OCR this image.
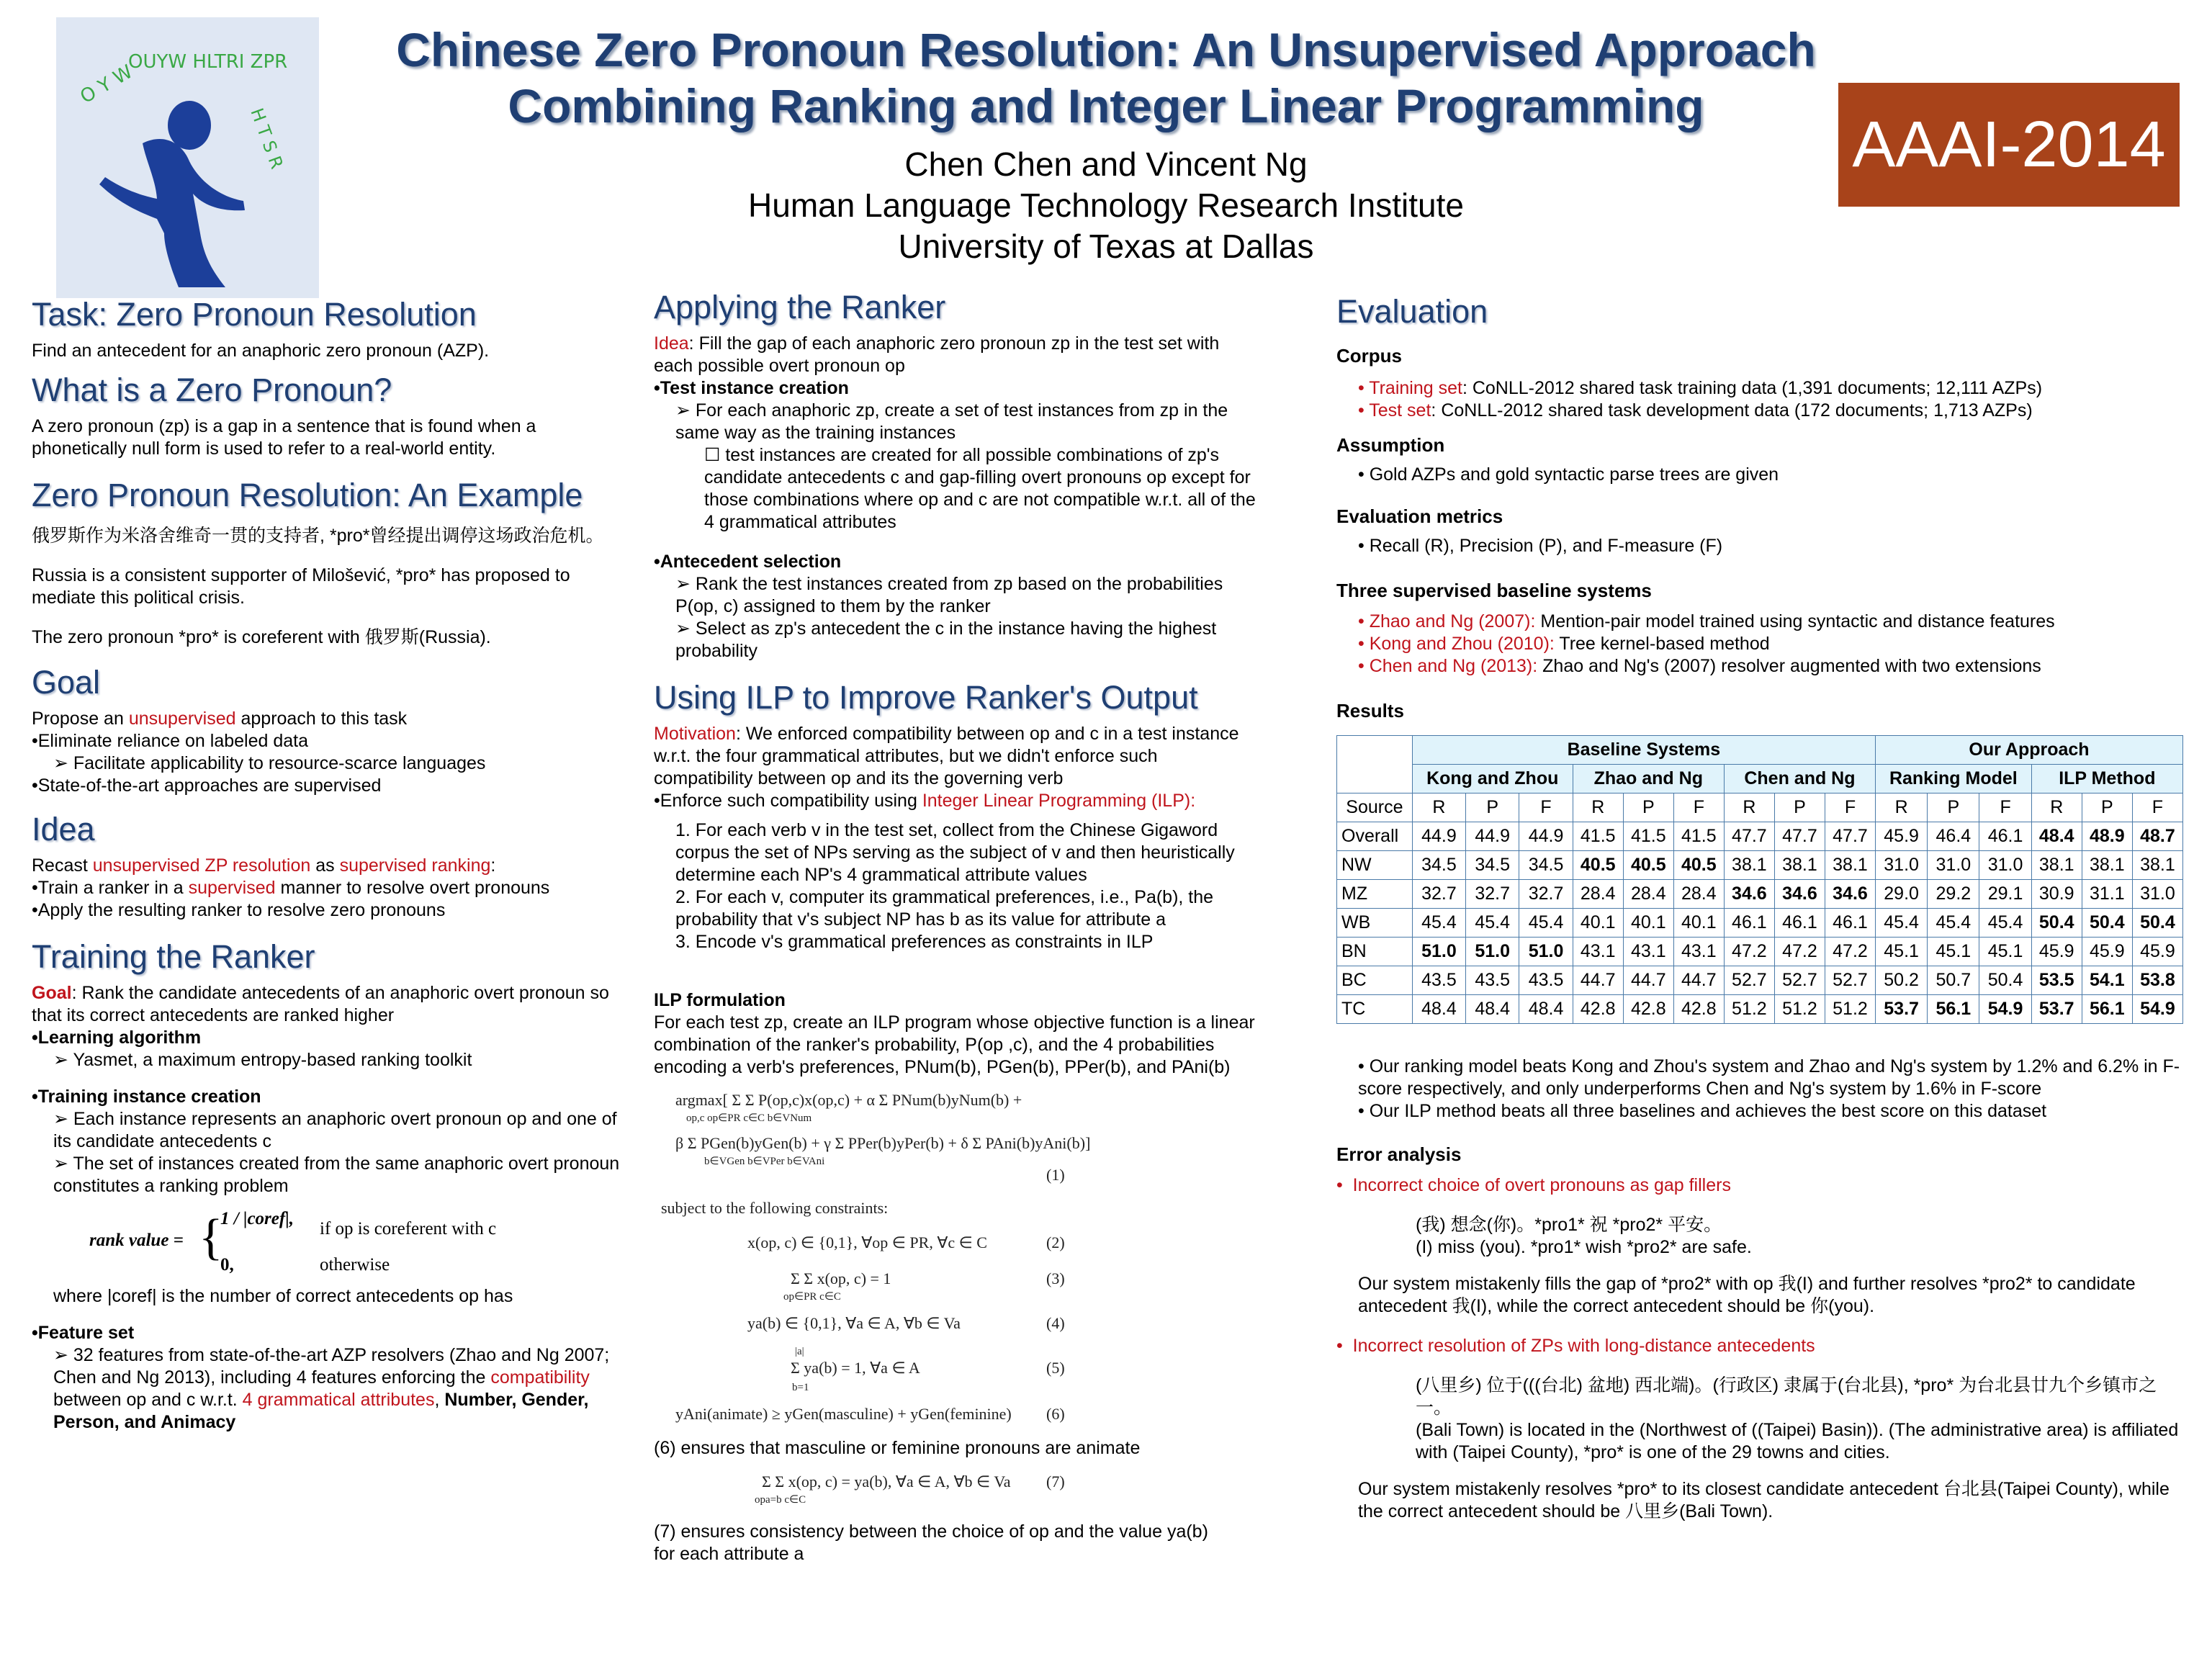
O Y W
OUYW HLTRI ZPR
H T S R
Chinese Zero Pronoun Resolution: An Unsupervised Approach
Combining Ranking and Integer Linear Programming
Chen Chen and Vincent Ng
Human Language Technology Research Institute
University of Texas at Dallas
AAAI-2014
Task: Zero Pronoun Resolution

Find an antecedent for an anaphoric zero pronoun (AZP).

What is a Zero Pronoun?

A zero pronoun (zp) is a gap in a sentence that is found when a phonetically null form is used to refer to a real-world entity.

Zero Pronoun Resolution: An Example

俄罗斯作为米洛舍维奇一贯的支持者, *pro*曾经提出调停这场政治危机。

Russia is a consistent supporter of Milošević, *pro* has proposed to mediate this political crisis.

The zero pronoun *pro* is coreferent with 俄罗斯(Russia).

Goal

Propose an unsupervised approach to this task

•Eliminate reliance on labeled data

➢ Facilitate applicability to resource-scarce languages

•State-of-the-art approaches are supervised

Idea

Recast unsupervised ZP resolution as supervised ranking:

•Train a ranker in a supervised manner to resolve overt pronouns

•Apply the resulting ranker to resolve zero pronouns

Training the Ranker

Goal: Rank the candidate antecedents of an anaphoric overt pronoun so that its correct antecedents are ranked higher

•Learning algorithm

➢ Yasmet, a maximum entropy-based ranking toolkit

•Training instance creation

➢ Each instance represents an anaphoric overt pronoun op and one of its candidate antecedents c

➢ The set of instances created from the same anaphoric overt pronoun constitutes a ranking problem

rank value = {
1 / |coref|,
if op is coreferent with c
0,	otherwise

where |coref| is the number of correct antecedents op has

•Feature set

➢ 32 features from state-of-the-art AZP resolvers (Zhao and Ng 2007; Chen and Ng 2013), including 4 features enforcing the compatibility between op and c w.r.t. 4 grammatical attributes, Number, Gender, Person, and Animacy

Applying the Ranker

Idea: Fill the gap of each anaphoric zero pronoun zp in the test set with each possible overt pronoun op

•Test instance creation

➢ For each anaphoric zp, create a set of test instances from zp in the same way as the training instances

☐ test instances are created for all possible combinations of zp's candidate antecedents c and gap-filling overt pronouns op except for those combinations where op and c are not compatible w.r.t. all of the 4 grammatical attributes

•Antecedent selection

➢ Rank the test instances created from zp based on the probabilities P(op, c) assigned to them by the ranker

➢ Select as zp's antecedent the c in the instance having the highest probability

Using ILP to Improve Ranker's Output

Motivation: We enforced compatibility between op and c in a test instance w.r.t. the four grammatical attributes, but we didn't enforce such compatibility between op and its the governing verb

•Enforce such compatibility using Integer Linear Programming (ILP):

1. For each verb v in the test set, collect from the Chinese Gigaword corpus the set of NPs serving as the subject of v and then heuristically determine each NP's 4 grammatical attribute values

2. For each v, computer its grammatical preferences, i.e., Pa(b), the probability that v's subject NP has b as its value for attribute a

3. Encode v's grammatical preferences as constraints in ILP

ILP formulation

For each test zp, create an ILP program whose objective function is a linear combination of the ranker's probability, P(op ,c), and the 4 probabilities encoding a verb's preferences, PNum(b), PGen(b), PPer(b), and PAni(b)

argmax[ Σ Σ P(op,c)x(op,c) + α Σ PNum(b)yNum(b) +
op,c op∈PR c∈C b∈VNum
β Σ PGen(b)yGen(b) + γ Σ PPer(b)yPer(b) + δ Σ PAni(b)yAni(b)]
b∈VGen b∈VPer b∈VAni
(1)
subject to the following constraints:
x(op, c) ∈ {0,1}, ∀op ∈ PR, ∀c ∈ C	(2)
Σ Σ x(op, c) = 1
op∈PR c∈C
(3)
ya(b) ∈ {0,1}, ∀a ∈ A, ∀b ∈ Va	(4)
|a|
Σ ya(b) = 1, ∀a ∈ A
b=1
(5)
yAni(animate) ≥ yGen(masculine) + yGen(feminine) (6)
(6) ensures that masculine or feminine pronouns are animate
Σ Σ x(op, c) = ya(b), ∀a ∈ A, ∀b ∈ Va
opa=b c∈C
(7)
(7) ensures consistency between the choice of op and the value ya(b) for each attribute a
Evaluation

Corpus

• Training set: CoNLL-2012 shared task training data (1,391 documents; 12,111 AZPs)

• Test set: CoNLL-2012 shared task development data (172 documents; 1,713 AZPs)

Assumption

• Gold AZPs and gold syntactic parse trees are given

Evaluation metrics

• Recall (R), Precision (P), and F-measure (F)

Three supervised baseline systems

• Zhao and Ng (2007): Mention-pair model trained using syntactic and distance features

• Kong and Zhou (2010): Tree kernel-based method

• Chen and Ng (2013): Zhao and Ng's (2007) resolver augmented with two extensions

Results

	Baseline Systems									Our Approach					
	Kong and Zhou			Zhao and Ng			Chen and Ng			Ranking Model			ILP Method		
Source	R	P	F	R	P	F	R	P	F	R	P	F	R	P	F
Overall	44.9	44.9	44.9	41.5	41.5	41.5	47.7	47.7	47.7	45.9	46.4	46.1	48.4	48.9	48.7
NW	34.5	34.5	34.5	40.5	40.5	40.5	38.1	38.1	38.1	31.0	31.0	31.0	38.1	38.1	38.1
MZ	32.7	32.7	32.7	28.4	28.4	28.4	34.6	34.6	34.6	29.0	29.2	29.1	30.9	31.1	31.0
WB	45.4	45.4	45.4	40.1	40.1	40.1	46.1	46.1	46.1	45.4	45.4	45.4	50.4	50.4	50.4
BN	51.0	51.0	51.0	43.1	43.1	43.1	47.2	47.2	47.2	45.1	45.1	45.1	45.9	45.9	45.9
BC	43.5	43.5	43.5	44.7	44.7	44.7	52.7	52.7	52.7	50.2	50.7	50.4	53.5	54.1	53.8
TC	48.4	48.4	48.4	42.8	42.8	42.8	51.2	51.2	51.2	53.7	56.1	54.9	53.7	56.1	54.9

• Our ranking model beats Kong and Zhou's system and Zhao and Ng's system by 1.2% and 6.2% in F-score respectively, and only underperforms Chen and Ng's system by 1.6% in F-score

• Our ILP method beats all three baselines and achieves the best score on this dataset

Error analysis

• Incorrect choice of overt pronouns as gap fillers

(我) 想念(你)。*pro1* 祝 *pro2* 平安。

(I) miss (you). *pro1* wish *pro2* are safe.

Our system mistakenly fills the gap of *pro2* with op 我(I) and further resolves *pro2* to candidate antecedent 我(I), while the correct antecedent should be 你(you).

• Incorrect resolution of ZPs with long-distance antecedents

(八里乡) 位于(((台北) 盆地) 西北端)。(行政区) 隶属于(台北县), *pro* 为台北县廿九个乡镇市之一。

(Bali Town) is located in the (Northwest of ((Taipei) Basin)). (The administrative area) is affiliated with (Taipei County), *pro* is one of the 29 towns and cities.

Our system mistakenly resolves *pro* to its closest candidate antecedent 台北县(Taipei County), while the correct antecedent should be 八里乡(Bali Town).
